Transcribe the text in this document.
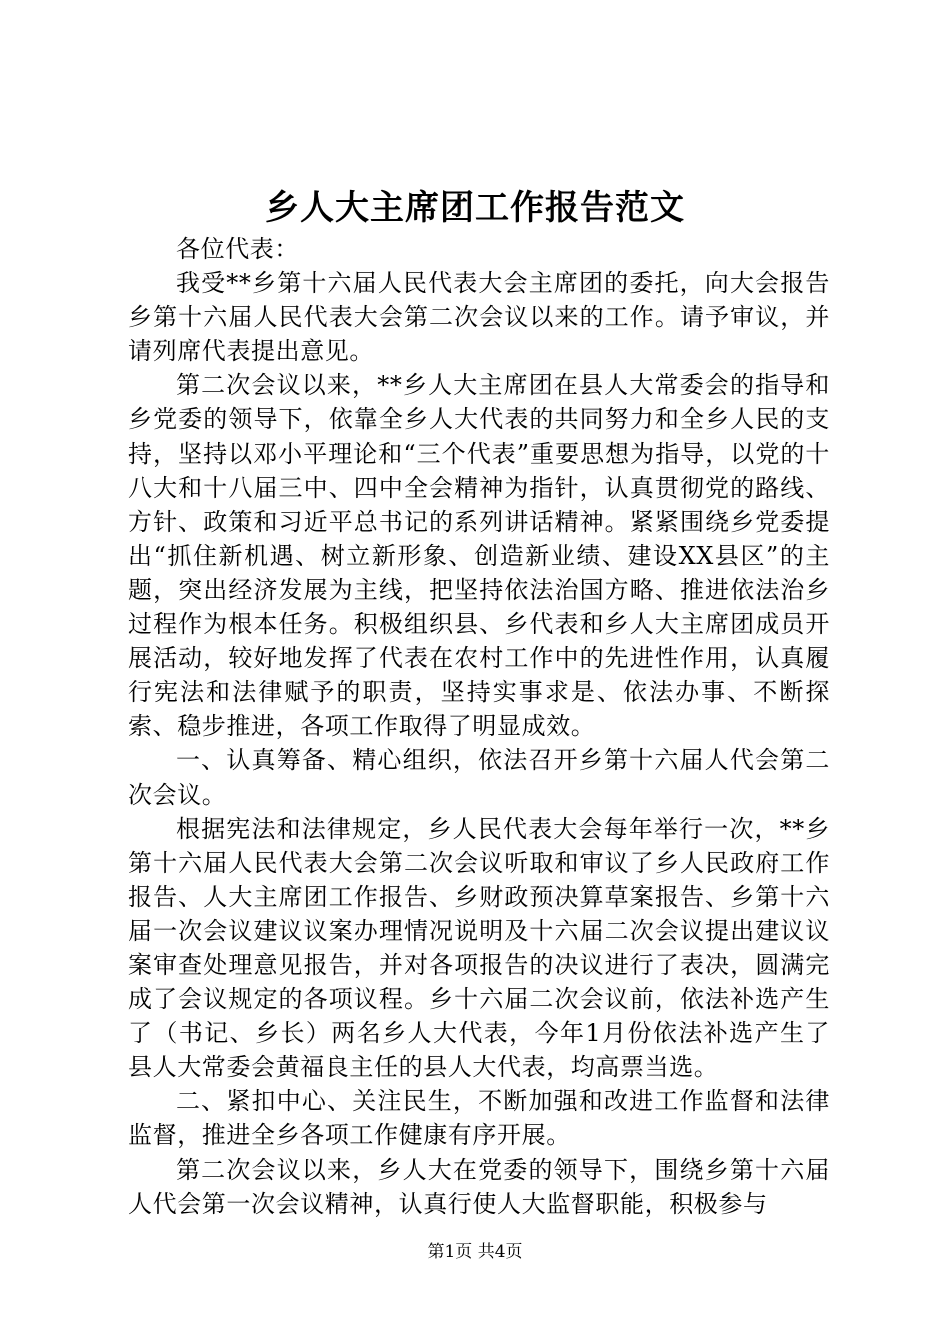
乡人大主席团工作报告范文

各位代表：

我受**乡第十六届人民代表大会主席团的委托，向大会报告乡第十六届人民代表大会第二次会议以来的工作。请予审议，并请列席代表提出意见。

第二次会议以来，**乡人大主席团在县人大常委会的指导和乡党委的领导下，依靠全乡人大代表的共同努力和全乡人民的支持，坚持以邓小平理论和“三个代表”重要思想为指导，以党的十八大和十八届三中、四中全会精神为指针，认真贯彻党的路线、方针、政策和习近平总书记的系列讲话精神。紧紧围绕乡党委提出“抓住新机遇、树立新形象、创造新业绩、建设XX县区”的主题，突出经济发展为主线，把坚持依法治国方略、推进依法治乡过程作为根本任务。积极组织县、乡代表和乡人大主席团成员开展活动，较好地发挥了代表在农村工作中的先进性作用，认真履行宪法和法律赋予的职责，坚持实事求是、依法办事、不断探索、稳步推进，各项工作取得了明显成效。

一、认真筹备、精心组织，依法召开乡第十六届人代会第二次会议。

根据宪法和法律规定，乡人民代表大会每年举行一次，**乡第十六届人民代表大会第二次会议听取和审议了乡人民政府工作报告、人大主席团工作报告、乡财政预决算草案报告、乡第十六届一次会议建议议案办理情况说明及十六届二次会议提出建议议案审查处理意见报告，并对各项报告的决议进行了表决，圆满完成了会议规定的各项议程。乡十六届二次会议前，依法补选产生了（书记、乡长）两名乡人大代表，今年1月份依法补选产生了县人大常委会黄福良主任的县人大代表，均高票当选。

二、紧扣中心、关注民生，不断加强和改进工作监督和法律监督，推进全乡各项工作健康有序开展。

第二次会议以来，乡人大在党委的领导下，围绕乡第十六届人代会第一次会议精神，认真行使人大监督职能，积极参与

第1页 共4页
